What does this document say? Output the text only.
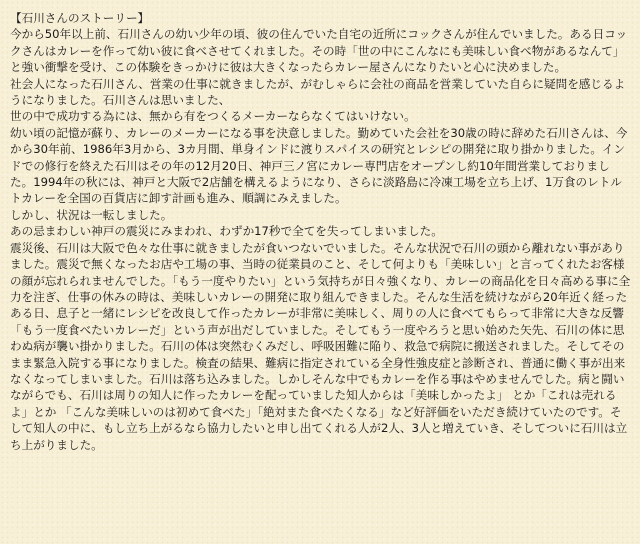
【石川さんのストーリー】
今から50年以上前、石川さんの幼い少年の頃、彼の住んでいた自宅の近所にコックさんが住んでいました。ある日コックさんはカレーを作って幼い彼に食べさせてくれました。その時「世の中にこんなにも美味しい食べ物があるなんて」と強い衝撃を受け、この体験をきっかけに彼は大きくなったらカレー屋さんになりたいと心に決めました。
社会人になった石川さん、営業の仕事に就きましたが、がむしゃらに会社の商品を営業していた自らに疑問を感じるようになりました。石川さんは思いました、
世の中で成功する為には、無から有をつくるメーカーならなくてはいけない。
幼い頃の記憶が蘇り、カレーのメーカーになる事を決意しました。勤めていた会社を30歳の時に辞めた石川さんは、今から30年前、1986年3月から、3カ月間、単身インドに渡りスパイスの研究とレシピの開発に取り掛かりました。インドでの修行を終えた石川はその年の12月20日、神戸三ノ宮にカレー専門店をオープンし約10年間営業しておりました。1994年の秋には、神戸と大阪で2店舗を構えるようになり、さらに淡路島に冷凍工場を立ち上げ、1万食のレトルトカレーを全国の百貨店に卸す計画も進み、順調にみえました。
しかし、状況は一転しました。
あの忌まわしい神戸の震災にみまわれ、わずか17秒で全てを失ってしまいました。
震災後、石川は大阪で色々な仕事に就きましたが食いつないでいました。そんな状況で石川の頭から離れない事がありました。震災で無くなったお店や工場の事、当時の従業員のこと、そして何よりも「美味しい」と言ってくれたお客様の顔が忘れられませんでした。「もう一度やりたい」という気持ちが日々強くなり、カレーの商品化を日々高める事に全力を注ぎ、仕事の休みの時は、美味しいカレーの開発に取り組んできました。そんな生活を続けながら20年近く経ったある日、息子と一緒にレシピを改良して作ったカレーが非常に美味しく、周りの人に食べてもらって非常に大きな反響「もう一度食べたいカレーだ」という声が出だしていました。そしてもう一度やろうと思い始めた矢先、石川の体に思わぬ病が襲い掛かりました。石川の体は突然むくみだし、呼吸困難に陥り、救急で病院に搬送されました。そしてそのまま緊急入院する事になりました。検査の結果、難病に指定されている全身性強皮症と診断され、普通に働く事が出来なくなってしまいました。石川は落ち込みました。しかしそんな中でもカレーを作る事はやめませんでした。病と闘いながらでも、石川は周りの知人に作ったカレーを配っていました知人からは「美味しかったよ」 とか「これは売れるよ」とか 「こんな美味しいのは初めて食べた」「絶対また食べたくなる」など好評価をいただき続けていたのです。そして知人の中に、もし立ち上がるなら協力したいと申し出てくれる人が2人、3人と増えていき、そしてついに石川は立ち上がりました。
